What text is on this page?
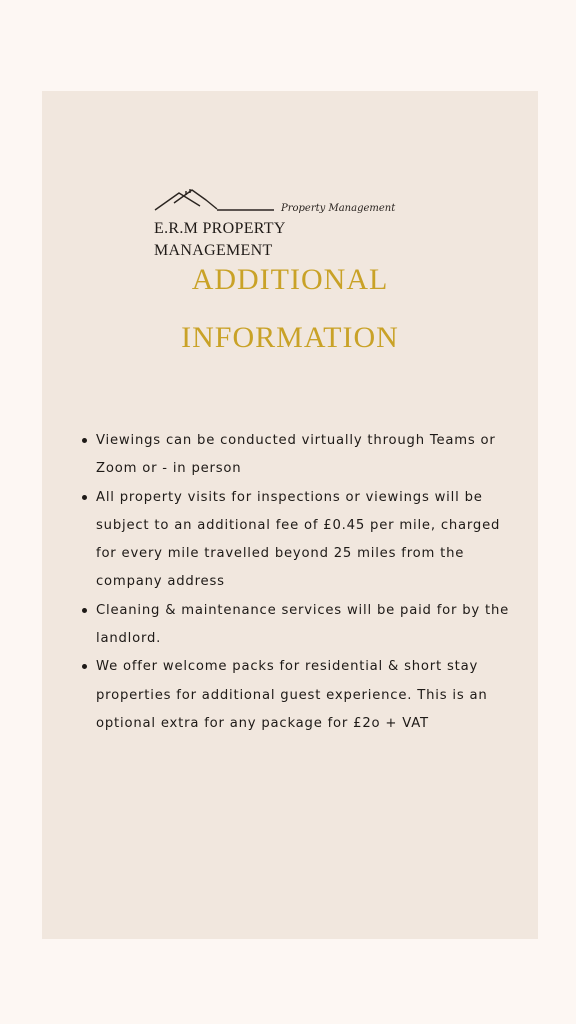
Property Management
E.R.M PROPERTY
MANAGEMENT
ADDITIONAL
INFORMATION
Viewings can be conducted virtually through Teams or Zoom or - in person
All property visits for inspections or viewings will be subject to an additional fee of £0.45 per mile, charged for every mile travelled beyond 25 miles from the company address
Cleaning & maintenance services will be paid for by the landlord.
We offer welcome packs for residential & short stay properties for additional guest experience. This is an optional extra for any package for £2o + VAT
